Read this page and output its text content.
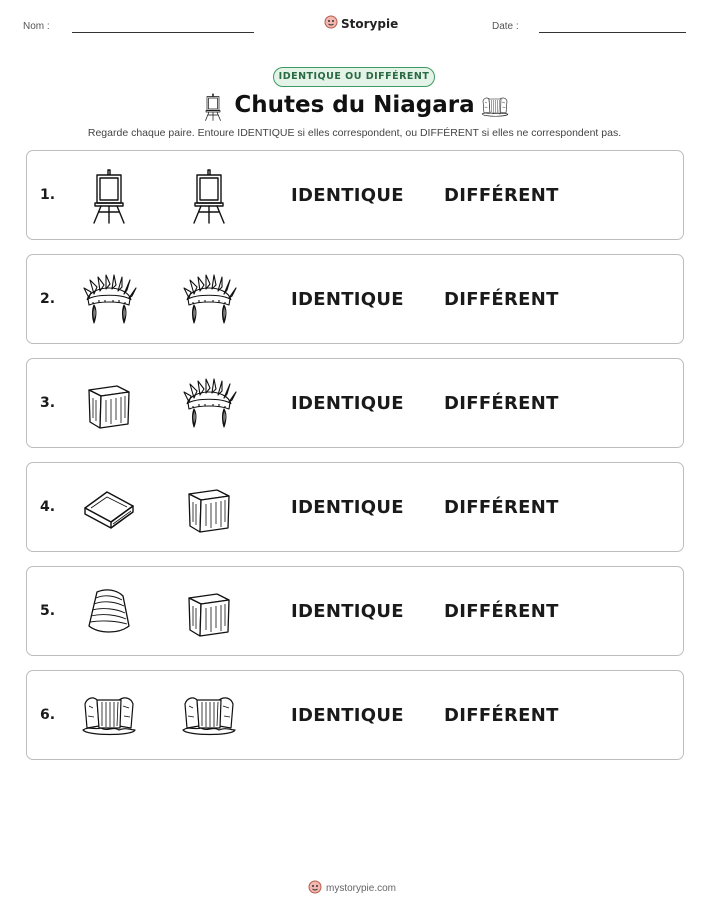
Nom :	Storypie	Date :
IDENTIQUE OU DIFFÉRENT
Chutes du Niagara
Regarde chaque paire. Entoure IDENTIQUE si elles correspondent, ou DIFFÉRENT si elles ne correspondent pas.
1.	IDENTIQUE DIFFÉRENT
2.	IDENTIQUE DIFFÉRENT
3.	IDENTIQUE DIFFÉRENT
4.	IDENTIQUE DIFFÉRENT
5.	IDENTIQUE DIFFÉRENT
6.	IDENTIQUE DIFFÉRENT
mystorypie.com
